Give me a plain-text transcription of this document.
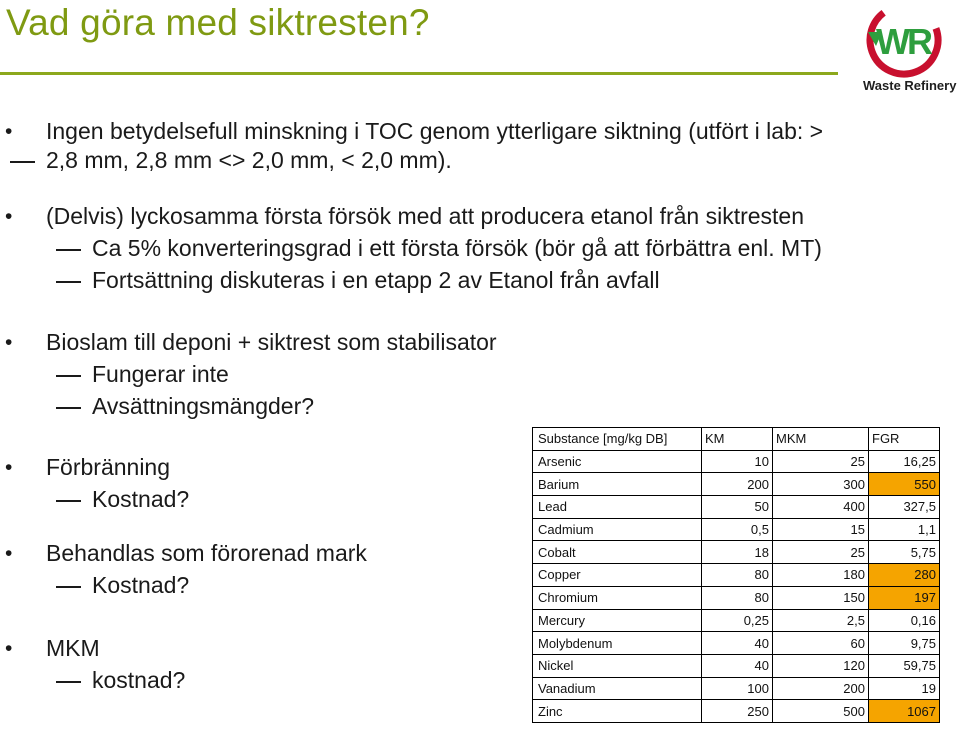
Vad göra med siktresten?	WR
Waste Refinery
• Ingen betydelsefull minskning i TOC genom ytterligare siktning (utfört i lab: >
2,8 mm, 2,8 mm <> 2,0 mm, < 2,0 mm).
• (Delvis) lyckosamma första försök med att producera etanol från siktresten
Ca 5% konverteringsgrad i ett första försök (bör gå att förbättra enl. MT)
Fortsättning diskuteras i en etapp 2 av Etanol från avfall
• Bioslam till deponi + siktrest som stabilisator
Fungerar inte
Avsättningsmängder?
• Förbränning
Kostnad?
• Behandlas som förorenad mark
Kostnad?
• MKM
kostnad?
Substance [mg/kg DB]	KM	MKM	FGR
Arsenic	10	25	16,25
Barium	200	300	550
Lead	50	400	327,5
Cadmium	0,5	15	1,1
Cobalt	18	25	5,75
Copper	80	180	280
Chromium	80	150	197
Mercury	0,25	2,5	0,16
Molybdenum	40	60	9,75
Nickel	40	120	59,75
Vanadium	100	200	19
Zinc	250	500	1067
